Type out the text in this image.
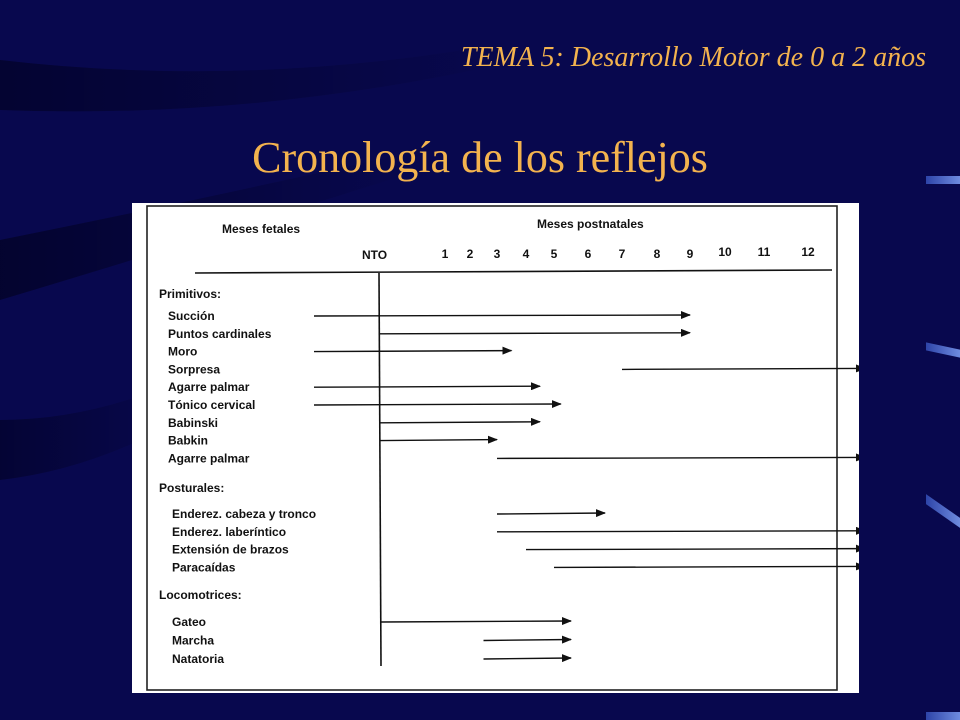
TEMA 5: Desarrollo Motor de 0 a 2 años
Cronología de los reflejos
Meses fetales	Meses postnatales
NTO	1 2 3 4 5 6 7 8 9 10 11	12
Primitivos:
Succión
Puntos cardinales
Moro
Sorpresa
Agarre palmar
Tónico cervical
Babinski
Babkin
Agarre palmar
Posturales:
Enderez. cabeza y tronco
Enderez. laberíntico
Extensión de brazos
Paracaídas
Locomotrices:
Gateo
Marcha
Natatoria
